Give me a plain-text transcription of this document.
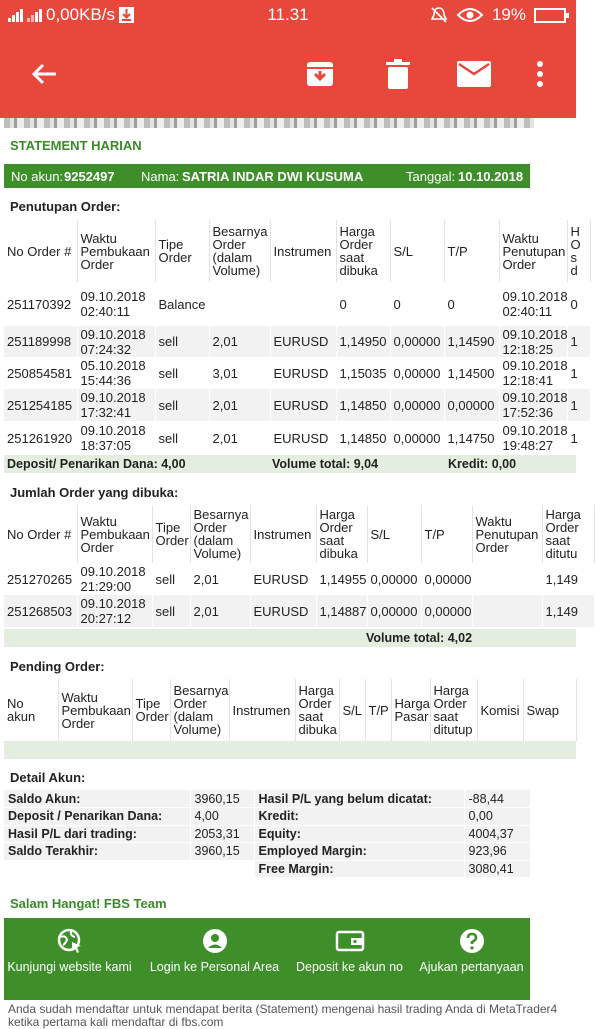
0,00KB/s	11.31	19%
STATEMENT HARIAN
No akun: 9252497 Nama: SATRIA INDAR DWI KUSUMA	Tanggal: 10.10.2018
Penutupan Order:
No Order #	Waktu Pembukaan Order	Tipe Order	Besarnya Order (dalam Volume)	Instrumen	Harga Order saat dibuka	S/L	T/P	Waktu Penutupan Order	H O s d
251170392	09.10.2018 02:40:11	Balance			0	0	0	09.10.2018 02:40:11	0
251189998	09.10.2018 07:24:32	sell	2,01	EURUSD	1,14950	0,00000	1,14590	09.10.2018 12:18:25	1
250854581	05.10.2018 15:44:36	sell	3,01	EURUSD	1,15035	0,00000	1,14500	09.10.2018 12:18:41	1
251254185	09.10.2018 17:32:41	sell	2,01	EURUSD	1,14850	0,00000	0,00000	09.10.2018 17:52:36	1
251261920	09.10.2018 18:37:05	sell	2,01	EURUSD	1,14850	0,00000	1,14750	09.10.2018 19:48:27	1
Deposit/ Penarikan Dana: 4,00	Volume total: 9,04	Kredit: 0,00
Jumlah Order yang dibuka:
No Order #	Waktu Pembukaan Order	Tipe Order	Besarnya Order (dalam Volume)	Instrumen	Harga Order saat dibuka	S/L	T/P	Waktu Penutupan Order	Harga Order saat ditutu
251270265	09.10.2018 21:29:00	sell	2,01	EURUSD	1,14955	0,00000	0,00000		1,149
251268503	09.10.2018 20:27:12	sell	2,01	EURUSD	1,14887	0,00000	0,00000		1,149
Volume total: 4,02
Pending Order:
No akun	Waktu Pembukaan Order	Tipe Order	Besarnya Order (dalam Volume)	Instrumen	Harga Order saat dibuka	S/L	T/P	Harga Pasar	Harga Order saat ditutup	Komisi	Swap
Detail Akun:
Saldo Akun:	3960,15	Hasil P/L yang belum dicatat:	-88,44
Deposit / Penarikan Dana:	4,00	Kredit:	0,00
Hasil P/L dari trading:	2053,31	Equity:	4004,37
Saldo Terakhir:	3960,15	Employed Margin:	923,96
		Free Margin:	3080,41
Salam Hangat! FBS Team
Kunjungi website kami Login ke Personal Area	Deposit ke akun no	Ajukan pertanyaan
Anda sudah mendaftar untuk mendapat berita (Statement) mengenai hasil trading Anda di MetaTrader4 ketika pertama kali mendaftar di fbs.com
